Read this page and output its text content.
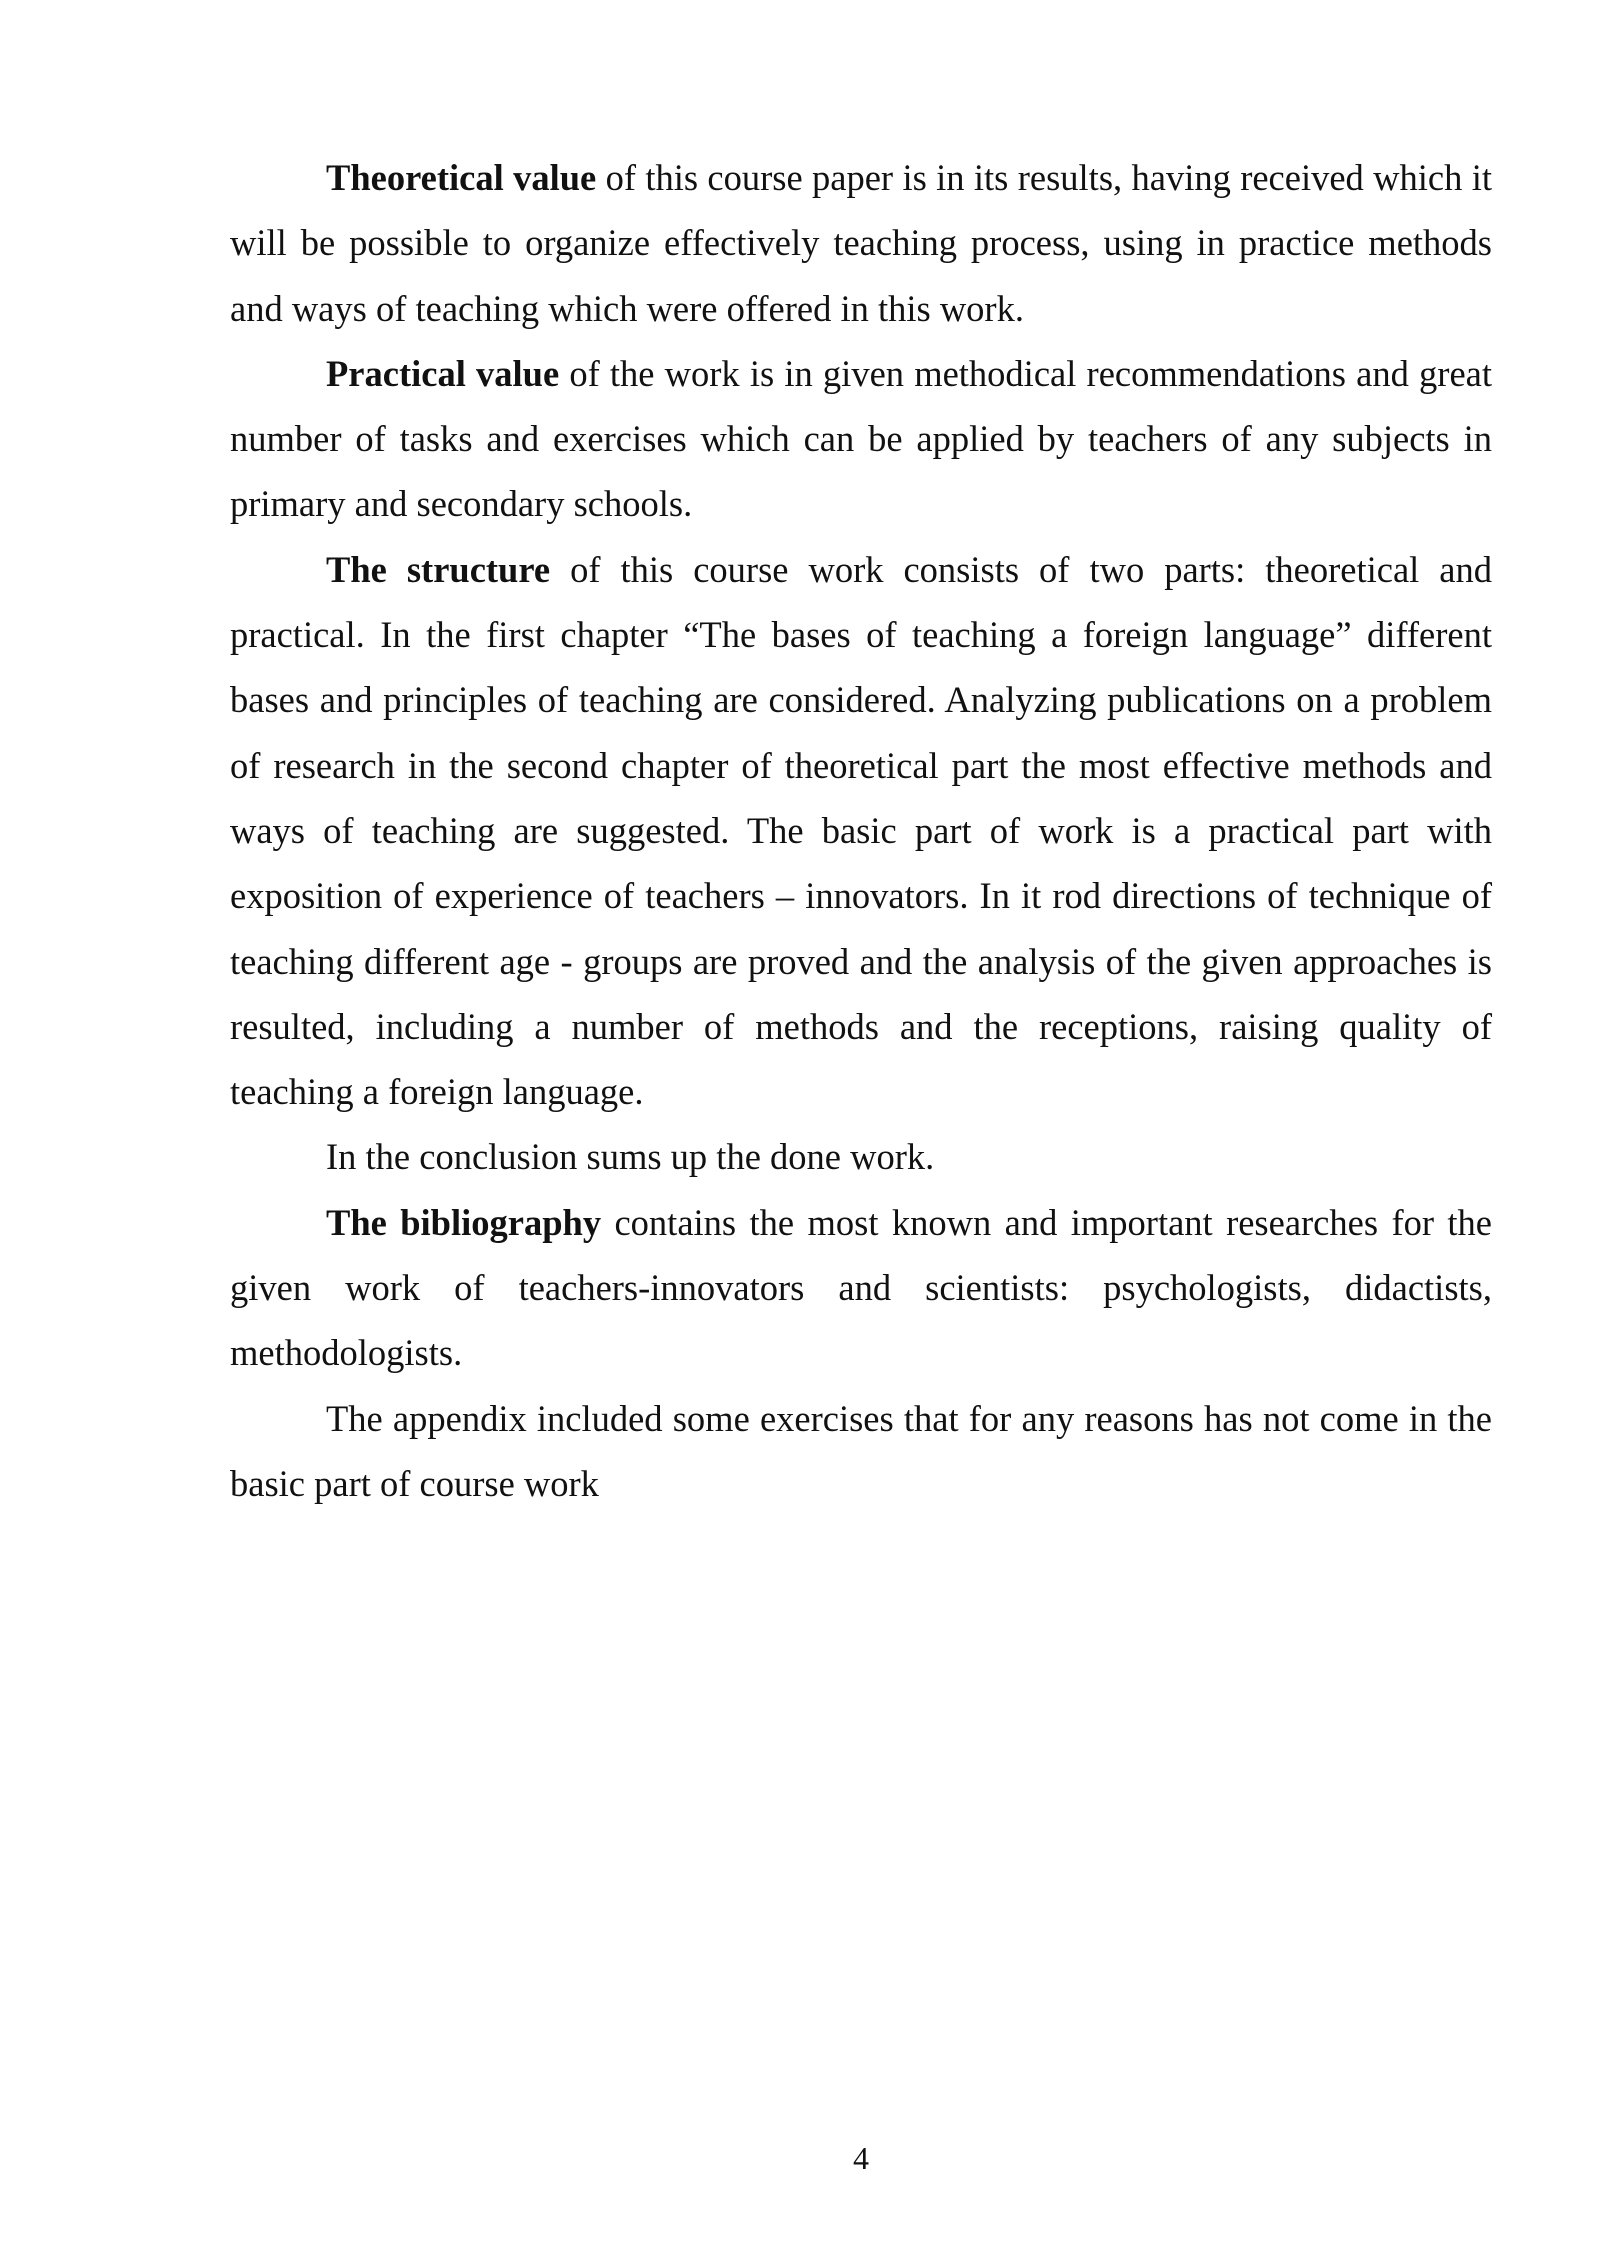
Theoretical value of this course paper is in its results, having received which it will be possible to organize effectively teaching process, using in practice methods and ways of teaching which were offered in this work.

Practical value of the work is in given methodical recommendations and great number of tasks and exercises which can be applied by teachers of any subjects in primary and secondary schools.

The structure of this course work consists of two parts: theoretical and practical. In the first chapter “The bases of teaching a foreign language” different bases and principles of teaching are considered. Analyzing publications on a problem of research in the second chapter of theoretical part the most effective methods and ways of teaching are suggested. The basic part of work is a practical part with exposition of experience of teachers – innovators. In it rod directions of technique of teaching different age - groups are proved and the analysis of the given approaches is resulted, including a number of methods and the receptions, raising quality of teaching a foreign language.

In the conclusion sums up the done work.

The bibliography contains the most known and important researches for the given work of teachers-innovators and scientists: psychologists, didactists, methodologists.

The appendix included some exercises that for any reasons has not come in the basic part of course work

4
